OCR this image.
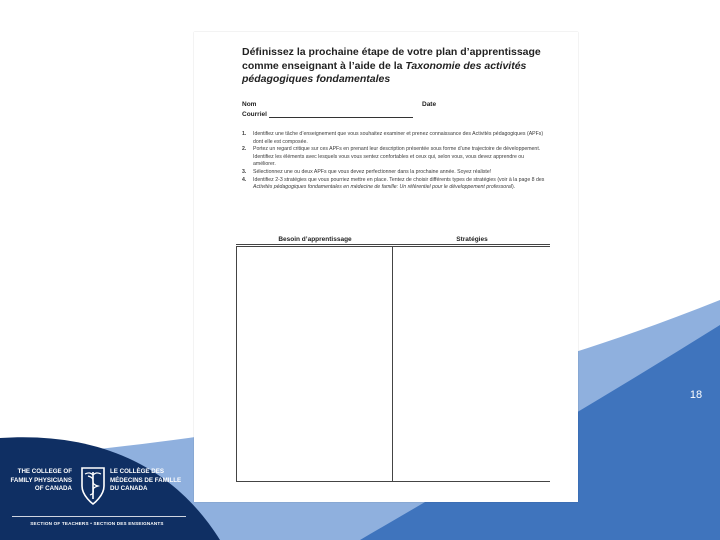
18
Définissez la prochaine étape de votre plan d’apprentissage
comme enseignant à l’aide de la Taxonomie des activités
pédagogiques fondamentales
Nom	Date
Courriel
1. Identifiez une tâche d’enseignement que vous souhaitez examiner et prenez connaissance des Activités pédagogiques (APFs) dont elle est composée.
2. Portez un regard critique sur ces APFs en prenant leur description présentée sous forme d’une trajectoire de développement. Identifiez les éléments avec lesquels vous vous sentez confortables et ceux qui, selon vous, vous devez apprendre ou améliorer.
3. Sélectionnez une ou deux APFs que vous devez perfectionner dans la prochaine année. Soyez réaliste!
4. Identifiez 2-3 stratégies que vous pourriez mettre en place. Tentez de choisir différents types de stratégies (voir à la page 8 des Activités pédagogiques fondamentales en médecine de famille: Un référentiel pour le développement professoral).
Besoin d’apprentissage	Stratégies
THE COLLEGE OF
FAMILY PHYSICIANS
OF CANADA
LE COLLÈGE DES
MÉDECINS DE FAMILLE
DU CANADA
SECTION OF TEACHERS • SECTION DES ENSEIGNANTS
